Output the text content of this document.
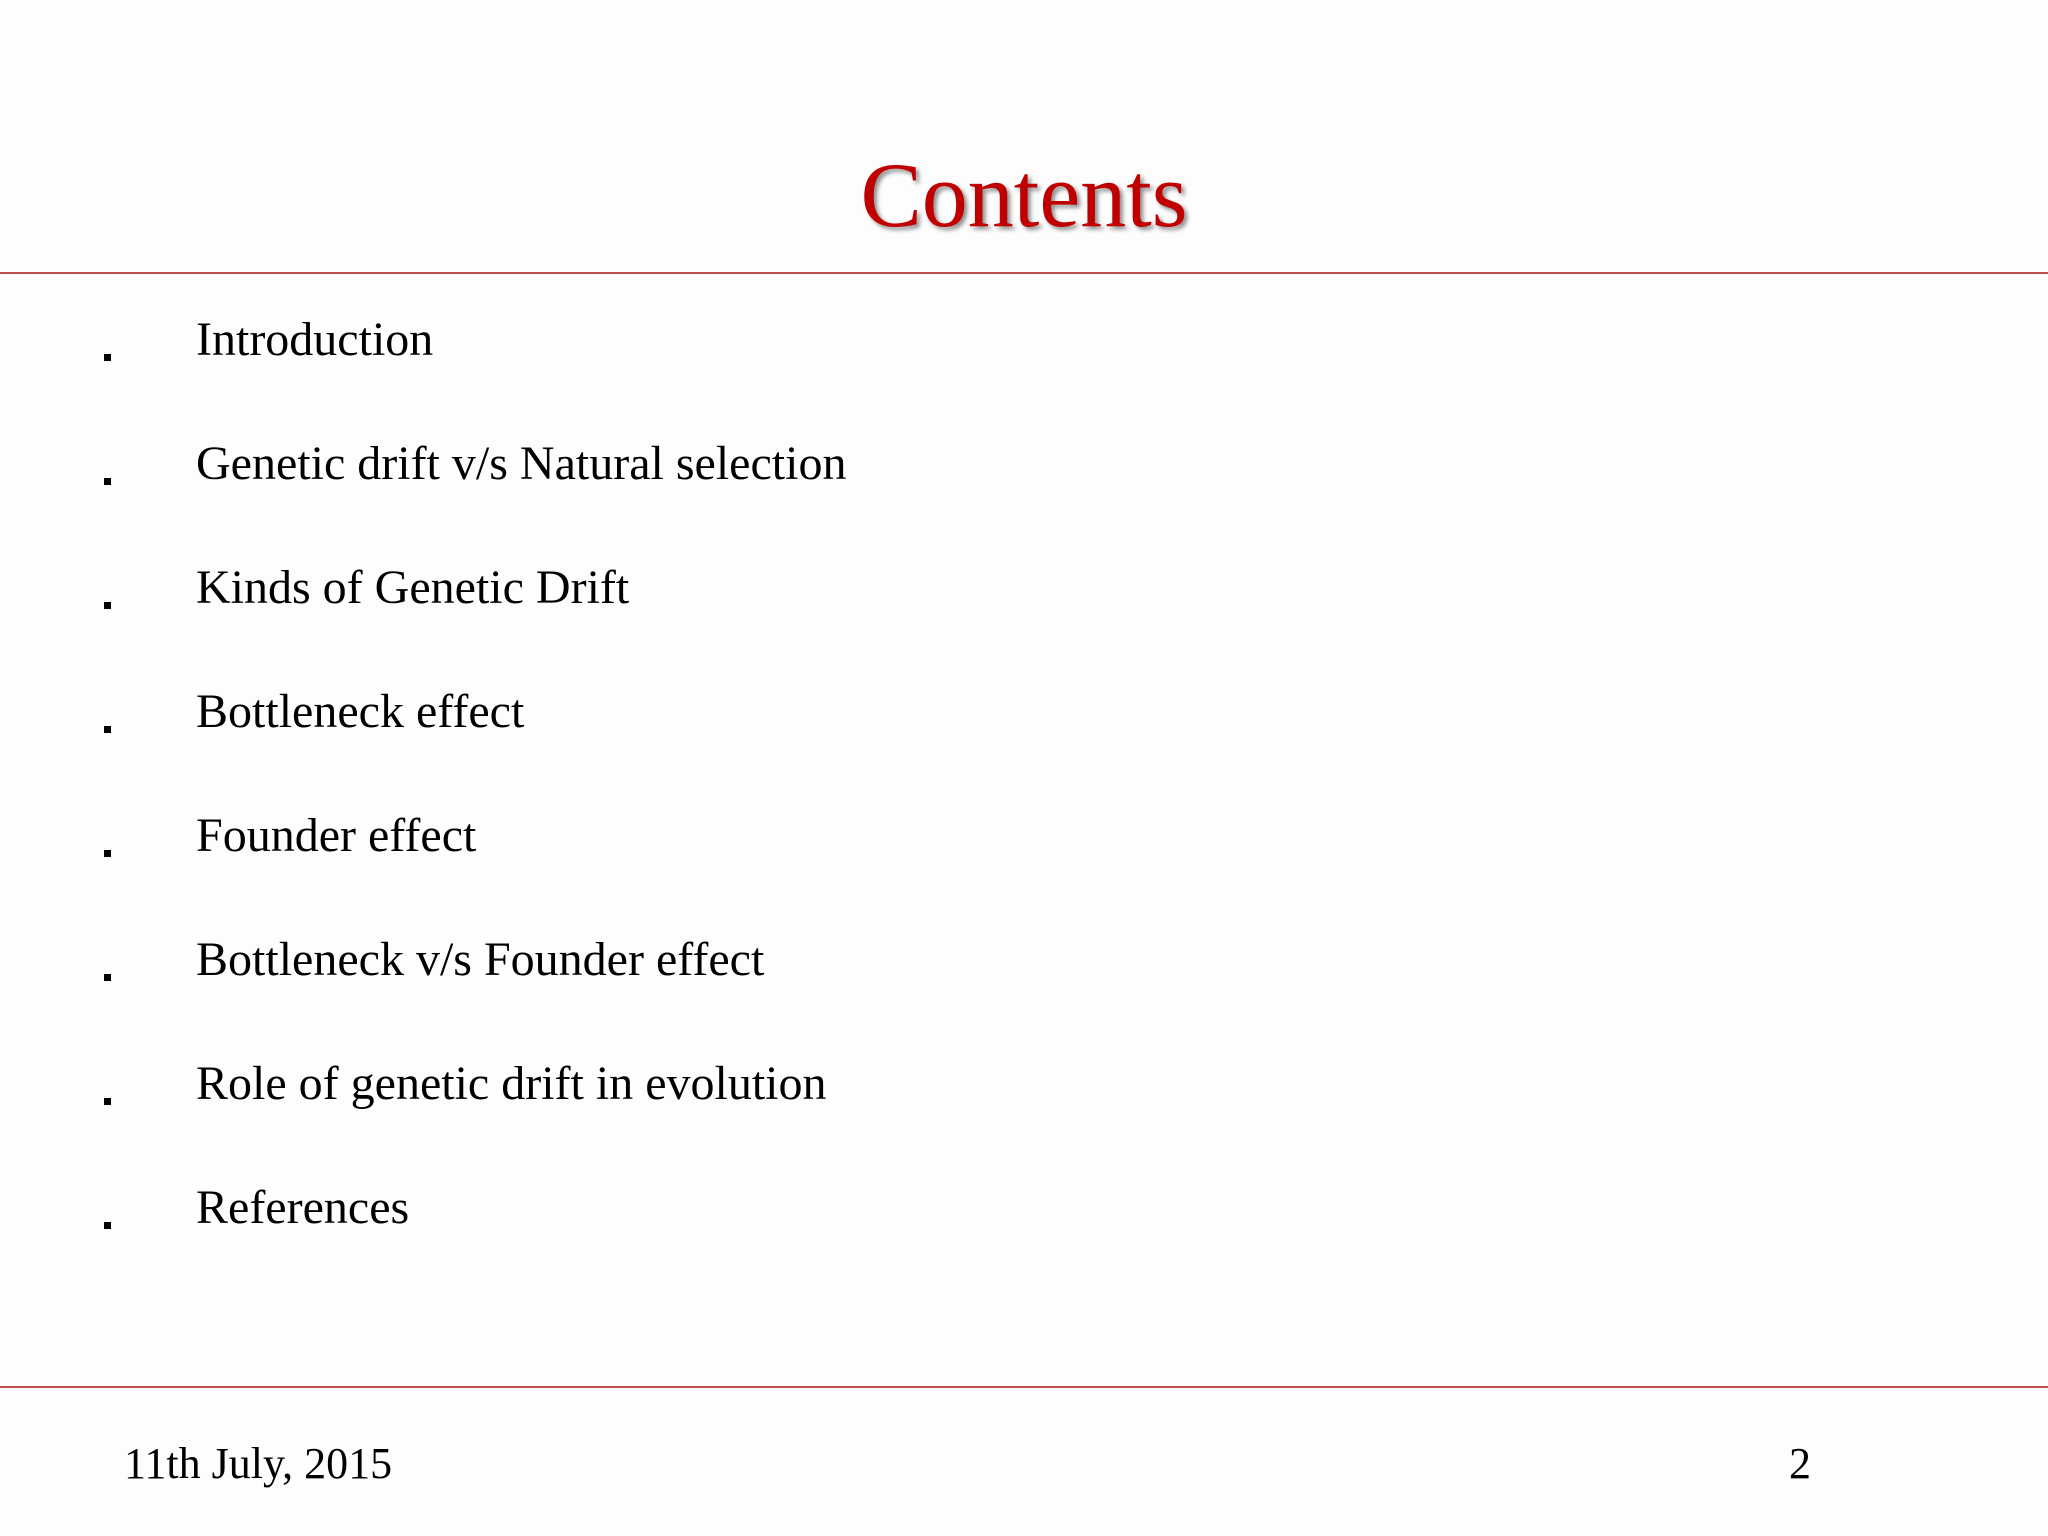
Contents
Introduction
Genetic drift v/s Natural selection
Kinds of Genetic Drift
Bottleneck effect
Founder effect
Bottleneck v/s Founder effect
Role of genetic drift in evolution
References
11th July, 2015	2
